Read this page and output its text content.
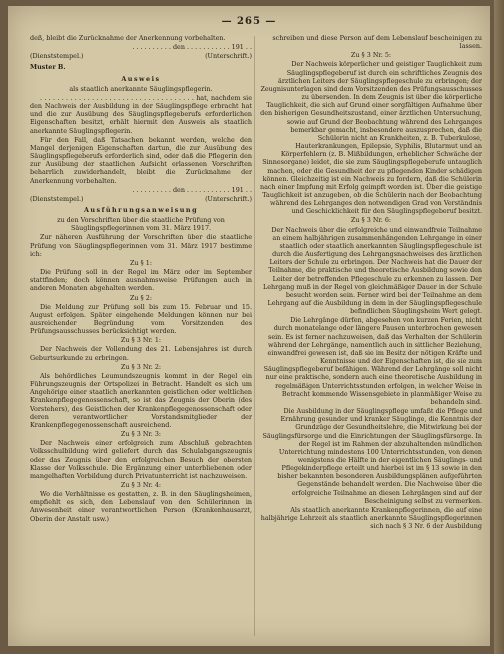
— 265 —

deß, bleibt die Zurücknahme der Anerkennung vorbehalten.

. . . . . . . . . . den . . . . . . . . . . . 191 . .

(Dienststempel.)	(Unterschrift.)

Muster B.

Ausweis

als staatlich anerkannte Säuglingspflegerin.

. . . . . . . . . . . . . . . . . . . . . . . . . . . . . . . . . . . . hat, nachdem sie den Nachweis der Ausbildung in der Säuglingspflege erbracht hat und die zur Ausübung des Säuglingspflegeberufs erforderlichen Eigenschaften besitzt, erhält hiermit den Ausweis als staatlich anerkannte Säuglingspflegerin.

Für den Fall, daß Tatsachen bekannt werden, welche den Mangel derjenigen Eigenschaften dartun, die zur Ausübung des Säuglingspflegeberufs erforderlich sind, oder daß die Pflegerin den zur Ausübung der staatlichen Aufsicht erlassenen Vorschriften beharrlich zuwiderhandelt, bleibt die Zurücknahme der Anerkennung vorbehalten.

. . . . . . . . . . den . . . . . . . . . . . 191 . .

(Dienststempel.)	(Unterschrift.)

Ausführungsanweisung

zu den Vorschriften über die staatliche Prüfung von Säuglingspflegerinnen vom 31. März 1917.

Zur näheren Ausführung der Vorschriften über die staatliche Prüfung von Säuglingspflegerinnen vom 31. März 1917 bestimme ich:

Zu § 1:

Die Prüfung soll in der Regel im März oder im September stattfinden; doch können ausnahmsweise Prüfungen auch in anderen Monaten abgehalten werden.

Zu § 2:

Die Meldung zur Prüfung soll bis zum 15. Februar und 15. August erfolgen. Später eingehende Meldungen können nur bei ausreichender Begründung vom Vorsitzenden des Prüfungsausschusses berücksichtigt werden.

Zu § 3 Nr. 1:

Der Nachweis der Vollendung des 21. Lebensjahres ist durch Geburtsurkunde zu erbringen.

Zu § 3 Nr. 2:

Als behördliches Leumundszeugnis kommt in der Regel ein Führungszeugnis der Ortspolizei in Betracht. Handelt es sich um Angehörige einer staatlich anerkannten geistlichen oder weltlichen Krankenpflegegenossenschaft, so ist das Zeugnis der Oberin (des Vorstehers), des Geistlichen der Krankenpflegegenossenschaft oder deren verantwortlicher Vorstandsmitglieder der Krankenpflegegenossenschaft ausreichend.

Zu § 3 Nr. 3:

Der Nachweis einer erfolgreich zum Abschluß gebrachten Volksschulbildung wird geliefert durch das Schulabgangszeugnis oder das Zeugnis über den erfolgreichen Besuch der obersten Klasse der Volksschule. Die Ergänzung einer unterbliebenen oder mangelhaften Vorbildung durch Privatunterricht ist nachzuweisen.

Zu § 3 Nr. 4:

Wo die Verhältnisse es gestatten, z. B. in den Säuglingsheimen, empfiehlt es sich, den Lebenslauf von den Schülerinnen in Anwesenheit einer verantwortlichen Person (Krankenhausarzt, Oberin der Anstalt usw.)

schreiben und diese Person auf dem Lebenslauf bescheinigen zu lassen.

Zu § 3 Nr. 5:

Der Nachweis körperlicher und geistiger Tauglichkeit zum Säuglingspflegeberuf ist durch ein schriftliches Zeugnis des ärztlichen Leiters der Säuglingspflegeschule zu erbringen; der Zeugnisunterlagen sind dem Vorsitzenden des Prüfungsausschusses zu übersenden. In dem Zeugnis ist über die körperliche Tauglichkeit, die sich auf Grund einer sorgfältigen Aufnahme über den bisherigen Gesundheitszustand, einer ärztlichen Untersuchung, sowie auf Grund der Beobachtung während des Lehrganges bemerkbar gemacht, insbesondere auszusprechen, daß die Schülerin nicht an Krankheiten, z. B. Tuberkulose, Hauterkrankungen, Epilepsie, Syphilis, Blutarmut und an Körperfehlern (z. B. Mißbildungen, erheblicher Schwäche der Sinnesorgane) leidet, die sie zum Säuglingspflegeberufe untauglich machen, oder die Gesundheit der zu pflegenden Kinder schädigen können. Gleichzeitig ist ein Nachweis zu fordern, daß die Schülerin nach einer Impfung mit Erfolg geimpft worden ist. Über die geistige Tauglichkeit ist anzugeben, ob die Schülerin nach der Beobachtung während des Lehrganges den notwendigen Grad von Verständnis und Geschicklichkeit für den Säuglingspflegeberuf besitzt.

Zu § 3 Nr. 6:

Der Nachweis über die erfolgreiche und einwandfreie Teilnahme an einem halbjährigen zusammenhängenden Lehrgange in einer staatlich oder staatlich anerkannten Säuglingspflegeschule ist durch die Ausfertigung des Lehrgangsnachweises des ärztlichen Leiters der Schule zu erbringen. Der Nachweis hat die Dauer der Teilnahme, die praktische und theoretische Ausbildung sowie den Leiter der betreffenden Pflegeschule zu erkennen zu lassen. Der Lehrgang muß in der Regel von gleichmäßiger Dauer in der Schule besucht worden sein. Ferner wird bei der Teilnahme an dem Lehrgang auf die Ausbildung in dem in der Säuglingspflegeschule befindlichen Säuglingsheim Wert gelegt.

Die Lehrgänge dürfen, abgesehen von kurzen Ferien, nicht durch monatelange oder längere Pausen unterbrochen gewesen sein. Es ist ferner nachzuweisen, daß das Verhalten der Schülerin während der Lehrgänge, namentlich auch in sittlicher Beziehung, einwandfrei gewesen ist, daß sie im Besitz der nötigen Kräfte und Kenntnisse und der Eigenschaften ist, die sie zum Säuglingspflegeberuf befähigen. Während der Lehrgänge soll nicht nur eine praktische, sondern auch eine theoretische Ausbildung in regelmäßigen Unterrichtsstunden erfolgen, in welcher Weise in Betracht kommende Wissensgebiete in planmäßiger Weise zu behandeln sind.

Die Ausbildung in der Säuglingspflege umfaßt die Pflege und Ernährung gesunder und kranker Säuglinge, die Kenntnis der Grundzüge der Gesundheitslehre, die Mitwirkung bei der Säuglingsfürsorge und die Einrichtungen der Säuglingsfürsorge. In der Regel ist im Rahmen der abzuhaltenden mündlichen Unterrichtung mindestens 100 Unterrichtsstunden, von denen wenigstens die Hälfte in der eigentlichen Säuglings- und Pflegekinderpflege erteilt und hierbei ist im § 13 sowie in den bisher bekannten besonderen Ausbildungsplänen aufgeführten Gegenstände behandelt werden. Die Nachweise über die erfolgreiche Teilnahme an diesen Lehrgängen sind auf der Bescheinigung selbst zu vermerken.

Als staatlich anerkannte Krankenpflegerinnen, die auf eine halbjährige Lehrzeit als staatlich anerkannte Säuglingspflegerinnen sich nach § 3 Nr. 6 der Ausbildung
